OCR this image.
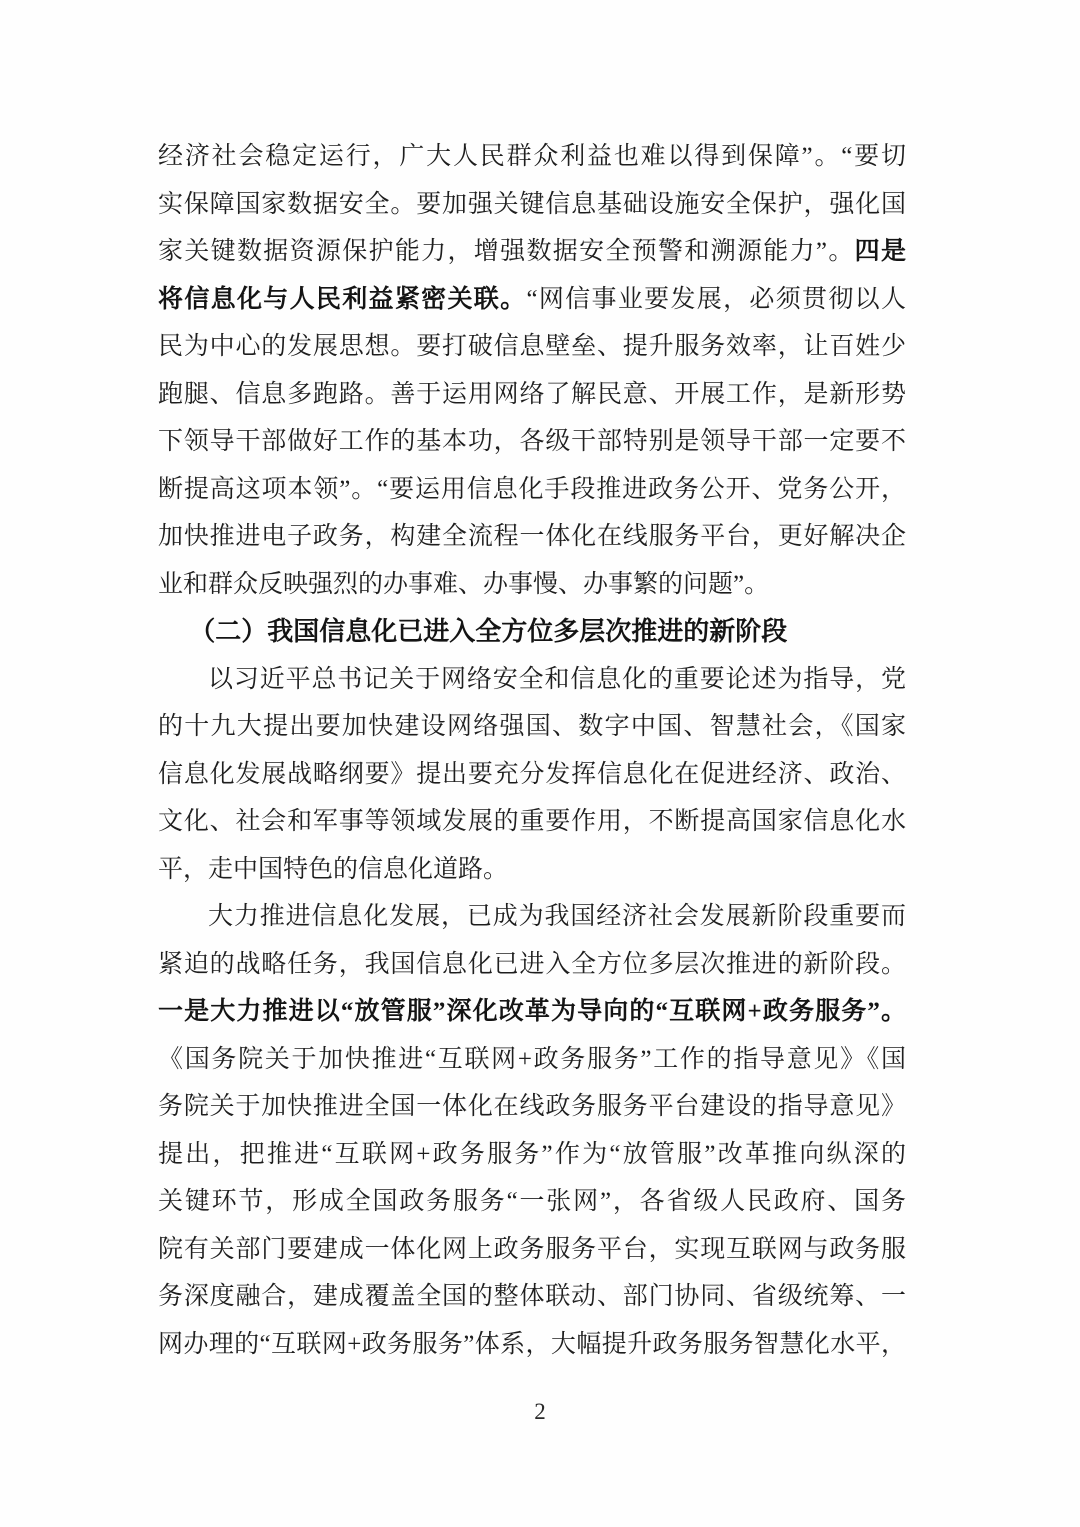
经济社会稳定运行，广大人民群众利益也难以得到保障”。“要切
实保障国家数据安全。要加强关键信息基础设施安全保护，强化国
家关键数据资源保护能力，增强数据安全预警和溯源能力”。四是
将信息化与人民利益紧密关联。“网信事业要发展，必须贯彻以人
民为中心的发展思想。要打破信息壁垒、提升服务效率，让百姓少
跑腿、信息多跑路。善于运用网络了解民意、开展工作，是新形势
下领导干部做好工作的基本功，各级干部特别是领导干部一定要不
断提高这项本领”。“要运用信息化手段推进政务公开、党务公开，
加快推进电子政务，构建全流程一体化在线服务平台，更好解决企
业和群众反映强烈的办事难、办事慢、办事繁的问题”。
（二）我国信息化已进入全方位多层次推进的新阶段
以习近平总书记关于网络安全和信息化的重要论述为指导，党
的十九大提出要加快建设网络强国、数字中国、智慧社会，《国家
信息化发展战略纲要》提出要充分发挥信息化在促进经济、政治、
文化、社会和军事等领域发展的重要作用，不断提高国家信息化水
平，走中国特色的信息化道路。
大力推进信息化发展，已成为我国经济社会发展新阶段重要而
紧迫的战略任务，我国信息化已进入全方位多层次推进的新阶段。
一是大力推进以“放管服”深化改革为导向的“互联网+政务服务”。
《国务院关于加快推进“互联网+政务服务”工作的指导意见》《国
务院关于加快推进全国一体化在线政务服务平台建设的指导意见》
提出，把推进“互联网+政务服务”作为“放管服”改革推向纵深的
关键环节，形成全国政务服务“一张网”，各省级人民政府、国务
院有关部门要建成一体化网上政务服务平台，实现互联网与政务服
务深度融合，建成覆盖全国的整体联动、部门协同、省级统筹、一
网办理的“互联网+政务服务”体系，大幅提升政务服务智慧化水平，
2
